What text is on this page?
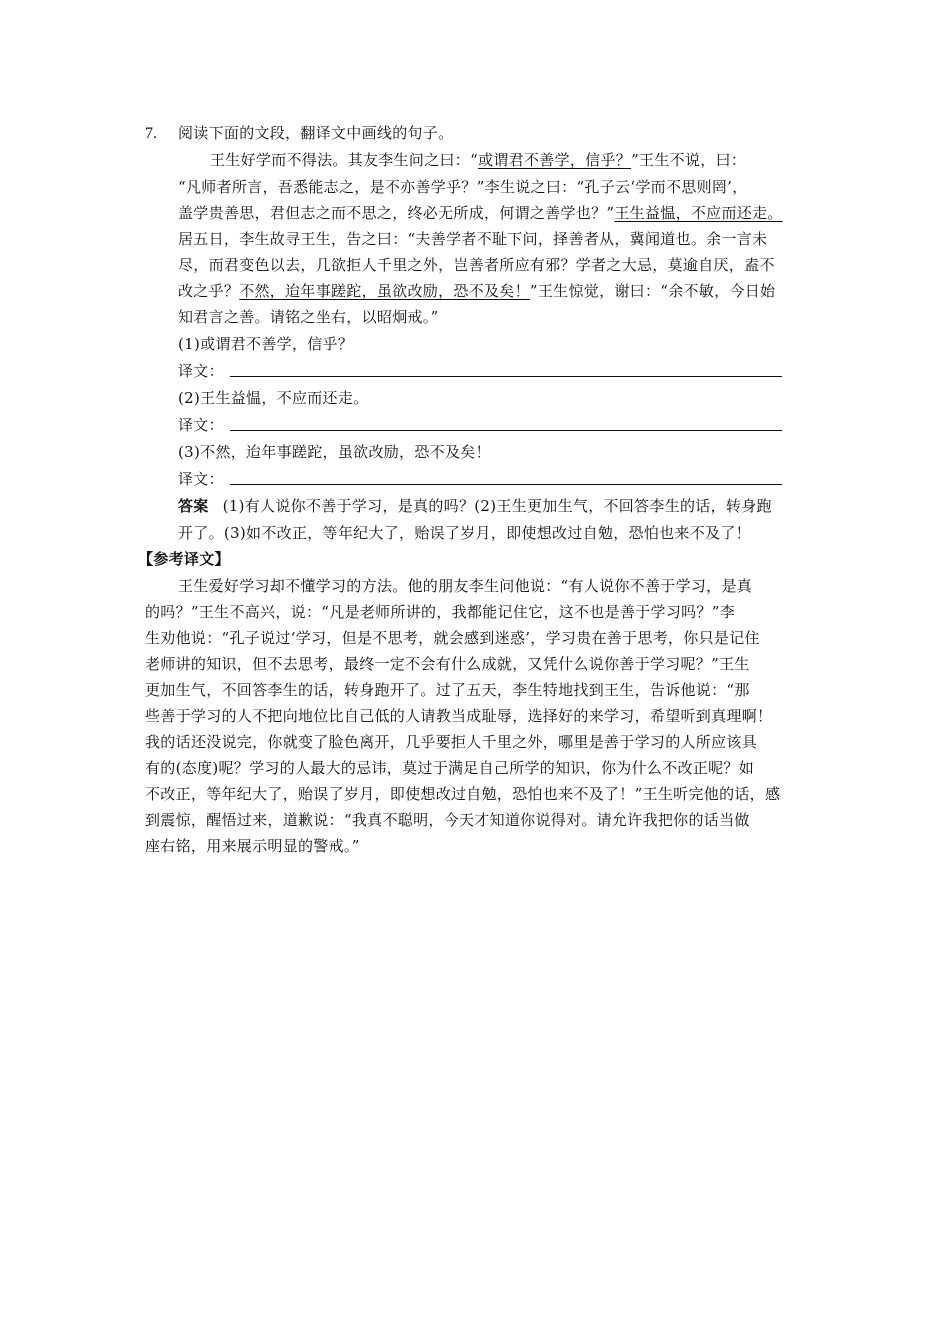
7. 阅读下面的文段，翻译文中画线的句子。
王生好学而不得法。其友李生问之曰：“或谓君不善学，信乎？”王生不说，曰：
“凡师者所言，吾悉能志之，是不亦善学乎？”李生说之曰：“孔子云‘学而不思则罔’，
盖学贵善思，君但志之而不思之，终必无所成，何谓之善学也？”王生益愠，不应而还走。
居五日，李生故寻王生，告之曰：“夫善学者不耻下问，择善者从，冀闻道也。余一言未
尽，而君变色以去，几欲拒人千里之外，岂善者所应有邪？学者之大忌，莫逾自厌，盍不
改之乎？不然，迨年事蹉跎，虽欲改励，恐不及矣！”王生惊觉，谢曰：“余不敏，今日始
知君言之善。请铭之坐右，以昭炯戒。”
(1)或谓君不善学，信乎？
译文：
(2)王生益愠，不应而还走。
译文：
(3)不然，迨年事蹉跎，虽欲改励，恐不及矣！
译文：
答案 (1)有人说你不善于学习，是真的吗？(2)王生更加生气，不回答李生的话，转身跑
开了。(3)如不改正，等年纪大了，贻误了岁月，即使想改过自勉，恐怕也来不及了！
【参考译文】
王生爱好学习却不懂学习的方法。他的朋友李生问他说：“有人说你不善于学习，是真
的吗？”王生不高兴，说：“凡是老师所讲的，我都能记住它，这不也是善于学习吗？”李
生劝他说：“孔子说过‘学习，但是不思考，就会感到迷惑’，学习贵在善于思考，你只是记住
老师讲的知识，但不去思考，最终一定不会有什么成就，又凭什么说你善于学习呢？”王生
更加生气，不回答李生的话，转身跑开了。过了五天，李生特地找到王生，告诉他说：“那
些善于学习的人不把向地位比自己低的人请教当成耻辱，选择好的来学习，希望听到真理啊！
我的话还没说完，你就变了脸色离开，几乎要拒人千里之外，哪里是善于学习的人所应该具
有的(态度)呢？学习的人最大的忌讳，莫过于满足自己所学的知识，你为什么不改正呢？如
不改正，等年纪大了，贻误了岁月，即使想改过自勉，恐怕也来不及了！”王生听完他的话，感
到震惊，醒悟过来，道歉说：“我真不聪明，今天才知道你说得对。请允许我把你的话当做
座右铭，用来展示明显的警戒。”
